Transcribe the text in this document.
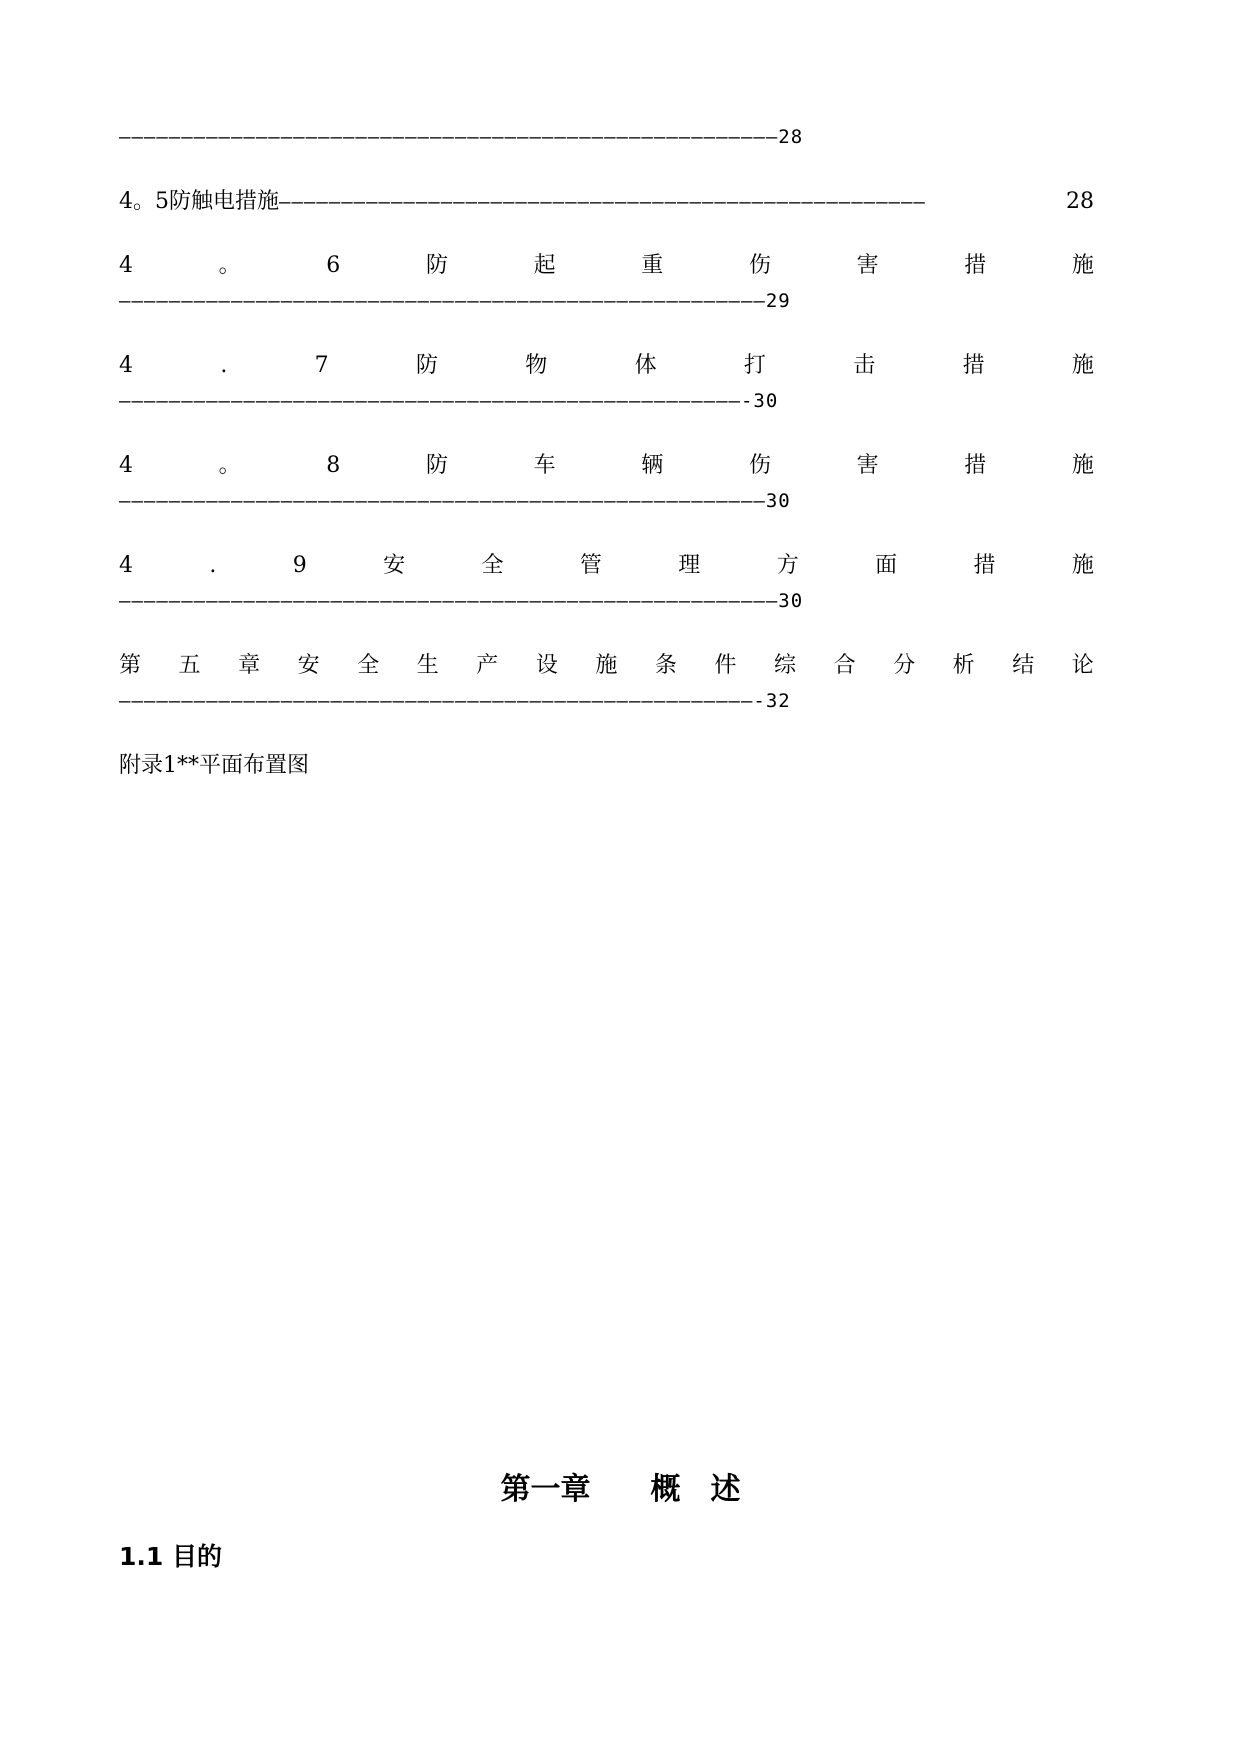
—————————————————————————————————————————————————————28
4。5防触电措施 ————————————————————————————————————————————————————	28
4	。	6	防	起	重	伤	害	措	施
————————————————————————————————————————————————————29
4	.	7	防	物	体	打	击	措	施
——————————————————————————————————————————————————-30
4	。	8	防	车	辆	伤	害	措	施
————————————————————————————————————————————————————30
4	.	9	安	全	管	理	方	面	措	施
—————————————————————————————————————————————————————30
第 五 章 安 全 生 产 设 施 条 件 综 合 分 析 结 论
———————————————————————————————————————————————————-32
附录1**平面布置图
第一章　　概　述
1.1 目的
